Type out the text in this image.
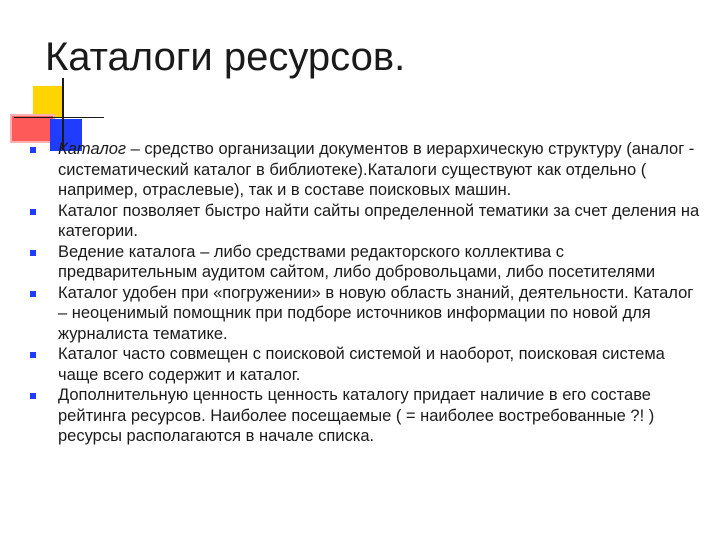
Каталоги ресурсов.
Каталог – средство организации документов в иерархическую структуру (аналог - систематический каталог в библиотеке).Каталоги существуют как отдельно ( например, отраслевые), так и в составе поисковых машин.
Каталог позволяет быстро найти сайты определенной тематики за счет деления на категории.
Ведение каталога – либо средствами редакторского коллектива с предварительным аудитом сайтом, либо добровольцами, либо посетителями
Каталог удобен при «погружении» в новую область знаний, деятельности. Каталог – неоценимый помощник при подборе источников информации по новой для журналиста тематике.
Каталог часто совмещен с поисковой системой и наоборот, поисковая система чаще всего содержит и каталог.
Дополнительную ценность ценность каталогу придает наличие в его составе рейтинга ресурсов. Наиболее посещаемые ( = наиболее востребованные ?! ) ресурсы располагаются в начале списка.
